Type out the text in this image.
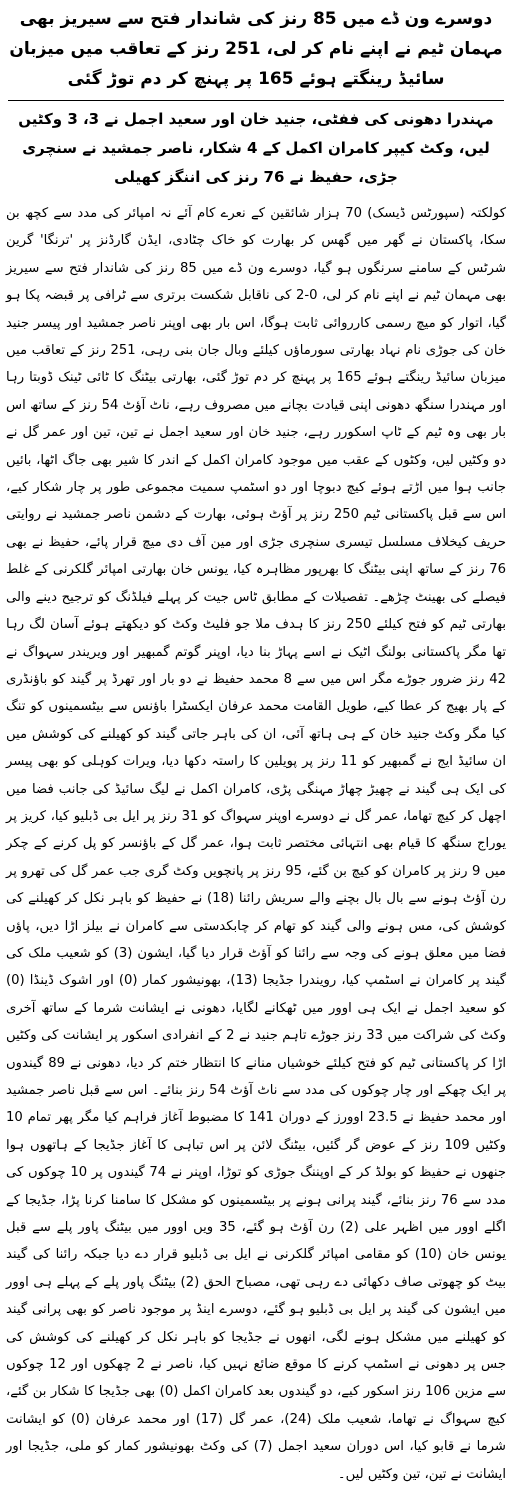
دوسرے ون ڈے میں 85 رنز کی شاندار فتح سے سیریز بھی مہمان ٹیم نے اپنے نام کر لی، 251 رنز کے تعاقب میں میزبان سائیڈ رینگتے ہوئے 165 پر پہنچ کر دم توڑ گئی
مہندرا دھونی کی ففٹی، جنید خان اور سعید اجمل نے 3، 3 وکٹیں لیں، وکٹ کیپر کامران اکمل کے 4 شکار، ناصر جمشید نے سنچری جڑی، حفیظ نے 76 رنز کی اننگز کھیلی

کولکتہ (سپورٹس ڈیسک) 70 ہزار شائقین کے نعرے کام آئے نہ امپائر کی مدد سے کچھ بن سکا، پاکستان نے گھر میں گھس کر بھارت کو خاک چٹادی، ایڈن گارڈنز پر 'ترنگا' گرین شرٹس کے سامنے سرنگوں ہو گیا، دوسرے ون ڈے میں 85 رنز کی شاندار فتح سے سیریز بھی مہمان ٹیم نے اپنے نام کر لی، 0-2 کی ناقابل شکست برتری سے ٹرافی پر قبضہ پکا ہو گیا، اتوار کو میچ رسمی کارروائی ثابت ہوگا، اس بار بھی اوپنر ناصر جمشید اور پیسر جنید خان کی جوڑی نام نہاد بھارتی سورماؤں کیلئے وبال جان بنی رہی، 251 رنز کے تعاقب میں میزبان سائیڈ رینگتے ہوئے 165 پر پہنچ کر دم توڑ گئی، بھارتی بیٹنگ کا ٹائی ٹینک ڈوبتا رہا اور مہندرا سنگھ دھونی اپنی قیادت بچانے میں مصروف رہے، ناٹ آؤٹ 54 رنز کے ساتھ اس بار بھی وہ ٹیم کے ٹاپ اسکورر رہے، جنید خان اور سعید اجمل نے تین، تین اور عمر گل نے دو وکٹیں لیں، وکٹوں کے عقب میں موجود کامران اکمل کے اندر کا شیر بھی جاگ اٹھا، بائیں جانب ہوا میں اڑتے ہوئے کیچ دبوچا اور دو اسٹمپ سمیت مجموعی طور پر چار شکار کیے، اس سے قبل پاکستانی ٹیم 250 رنز پر آؤٹ ہوئی، بھارت کے دشمن ناصر جمشید نے روایتی حریف کیخلاف مسلسل تیسری سنچری جڑی اور مین آف دی میچ قرار پائے، حفیظ نے بھی 76 رنز کے ساتھ اپنی بیٹنگ کا بھرپور مظاہرہ کیا، یونس خان بھارتی امپائر گلکرنی کے غلط فیصلے کی بھینٹ چڑھے۔ تفصیلات کے مطابق ٹاس جیت کر پہلے فیلڈنگ کو ترجیح دینے والی بھارتی ٹیم کو فتح کیلئے 250 رنز کا ہدف ملا جو فلیٹ وکٹ کو دیکھتے ہوئے آسان لگ رہا تھا مگر پاکستانی بولنگ اٹیک نے اسے پہاڑ بنا دیا، اوپنر گوتم گمبھیر اور ویریندر سہواگ نے 42 رنز ضرور جوڑے مگر اس میں سے 8 محمد حفیظ نے دو بار اور تھرڈ پر گیند کو باؤنڈری کے پار بھیج کر عطا کیے، طویل القامت محمد عرفان ایکسٹرا باؤنس سے بیٹسمینوں کو تنگ کیا مگر وکٹ جنید خان کے ہی ہاتھ آئی، ان کی باہر جاتی گیند کو کھیلنے کی کوشش میں ان سائیڈ ایج نے گمبھیر کو 11 رنز پر پویلین کا راستہ دکھا دیا، ویرات کوہلی کو بھی پیسر کی ایک ہی گیند نے چھیڑ چھاڑ مہنگی پڑی، کامران اکمل نے لیگ سائیڈ کی جانب فضا میں اچھل کر کیچ تھاما، عمر گل نے دوسرے اوپنر سہواگ کو 31 رنز پر ایل بی ڈبلیو کیا، کریز پر یوراج سنگھ کا قیام بھی انتہائی مختصر ثابت ہوا، عمر گل کے باؤنسر کو پل کرنے کے چکر میں 9 رنز پر کامران کو کیچ بن گئے، 95 رنز پر پانچویں وکٹ گری جب عمر گل کی تھرو پر رن آؤٹ ہونے سے بال بال بچنے والے سریش رائنا (18) نے حفیظ کو باہر نکل کر کھیلنے کی کوشش کی، مس ہونے والی گیند کو تھام کر چابکدستی سے کامران نے بیلز اڑا دیں، پاؤں فضا میں معلق ہونے کی وجہ سے رائنا کو آؤٹ قرار دیا گیا، ایشون (3) کو شعیب ملک کی گیند پر کامران نے اسٹمپ کیا، رویندرا جڈیجا (13)، بھونیشور کمار (0) اور اشوک ڈینڈا (0) کو سعید اجمل نے ایک ہی اوور میں ٹھکانے لگایا، دھونی نے ایشانت شرما کے ساتھ آخری وکٹ کی شراکت میں 33 رنز جوڑے تاہم جنید نے 2 کے انفرادی اسکور پر ایشانت کی وکٹیں اڑا کر پاکستانی ٹیم کو فتح کیلئے خوشیاں منانے کا انتظار ختم کر دیا، دھونی نے 89 گیندوں پر ایک چھکے اور چار چوکوں کی مدد سے ناٹ آؤٹ 54 رنز بنائے۔ اس سے قبل ناصر جمشید اور محمد حفیظ نے 23.5 اوورز کے دوران 141 کا مضبوط آغاز فراہم کیا مگر پھر تمام 10 وکٹیں 109 رنز کے عوض گر گئیں، بیٹنگ لائن پر اس تباہی کا آغاز جڈیجا کے ہاتھوں ہوا جنھوں نے حفیظ کو بولڈ کر کے اوپننگ جوڑی کو توڑا، اوپنر نے 74 گیندوں پر 10 چوکوں کی مدد سے 76 رنز بنائے، گیند پرانی ہونے پر بیٹسمینوں کو مشکل کا سامنا کرنا پڑا، جڈیجا کے اگلے اوور میں اظہر علی (2) رن آؤٹ ہو گئے، 35 ویں اوور میں بیٹنگ پاور پلے سے قبل یونس خان (10) کو مقامی امپائر گلکرنی نے ایل بی ڈبلیو قرار دے دیا جبکہ رائنا کی گیند بیٹ کو چھوتی صاف دکھائی دے رہی تھی، مصباح الحق (2) بیٹنگ پاور پلے کے پہلے ہی اوور میں ایشون کی گیند پر ایل بی ڈبلیو ہو گئے، دوسرے اینڈ پر موجود ناصر کو بھی پرانی گیند کو کھیلنے میں مشکل ہونے لگی، انھوں نے جڈیجا کو باہر نکل کر کھیلنے کی کوشش کی جس پر دھونی نے اسٹمپ کرنے کا موقع ضائع نہیں کیا، ناصر نے 2 چھکوں اور 12 چوکوں سے مزین 106 رنز اسکور کیے، دو گیندوں بعد کامران اکمل (0) بھی جڈیجا کا شکار بن گئے، کیچ سہواگ نے تھاما، شعیب ملک (24)، عمر گل (17) اور محمد عرفان (0) کو ایشانت شرما نے قابو کیا، اس دوران سعید اجمل (7) کی وکٹ بھونیشور کمار کو ملی، جڈیجا اور ایشانت نے تین، تین وکٹیں لیں۔
